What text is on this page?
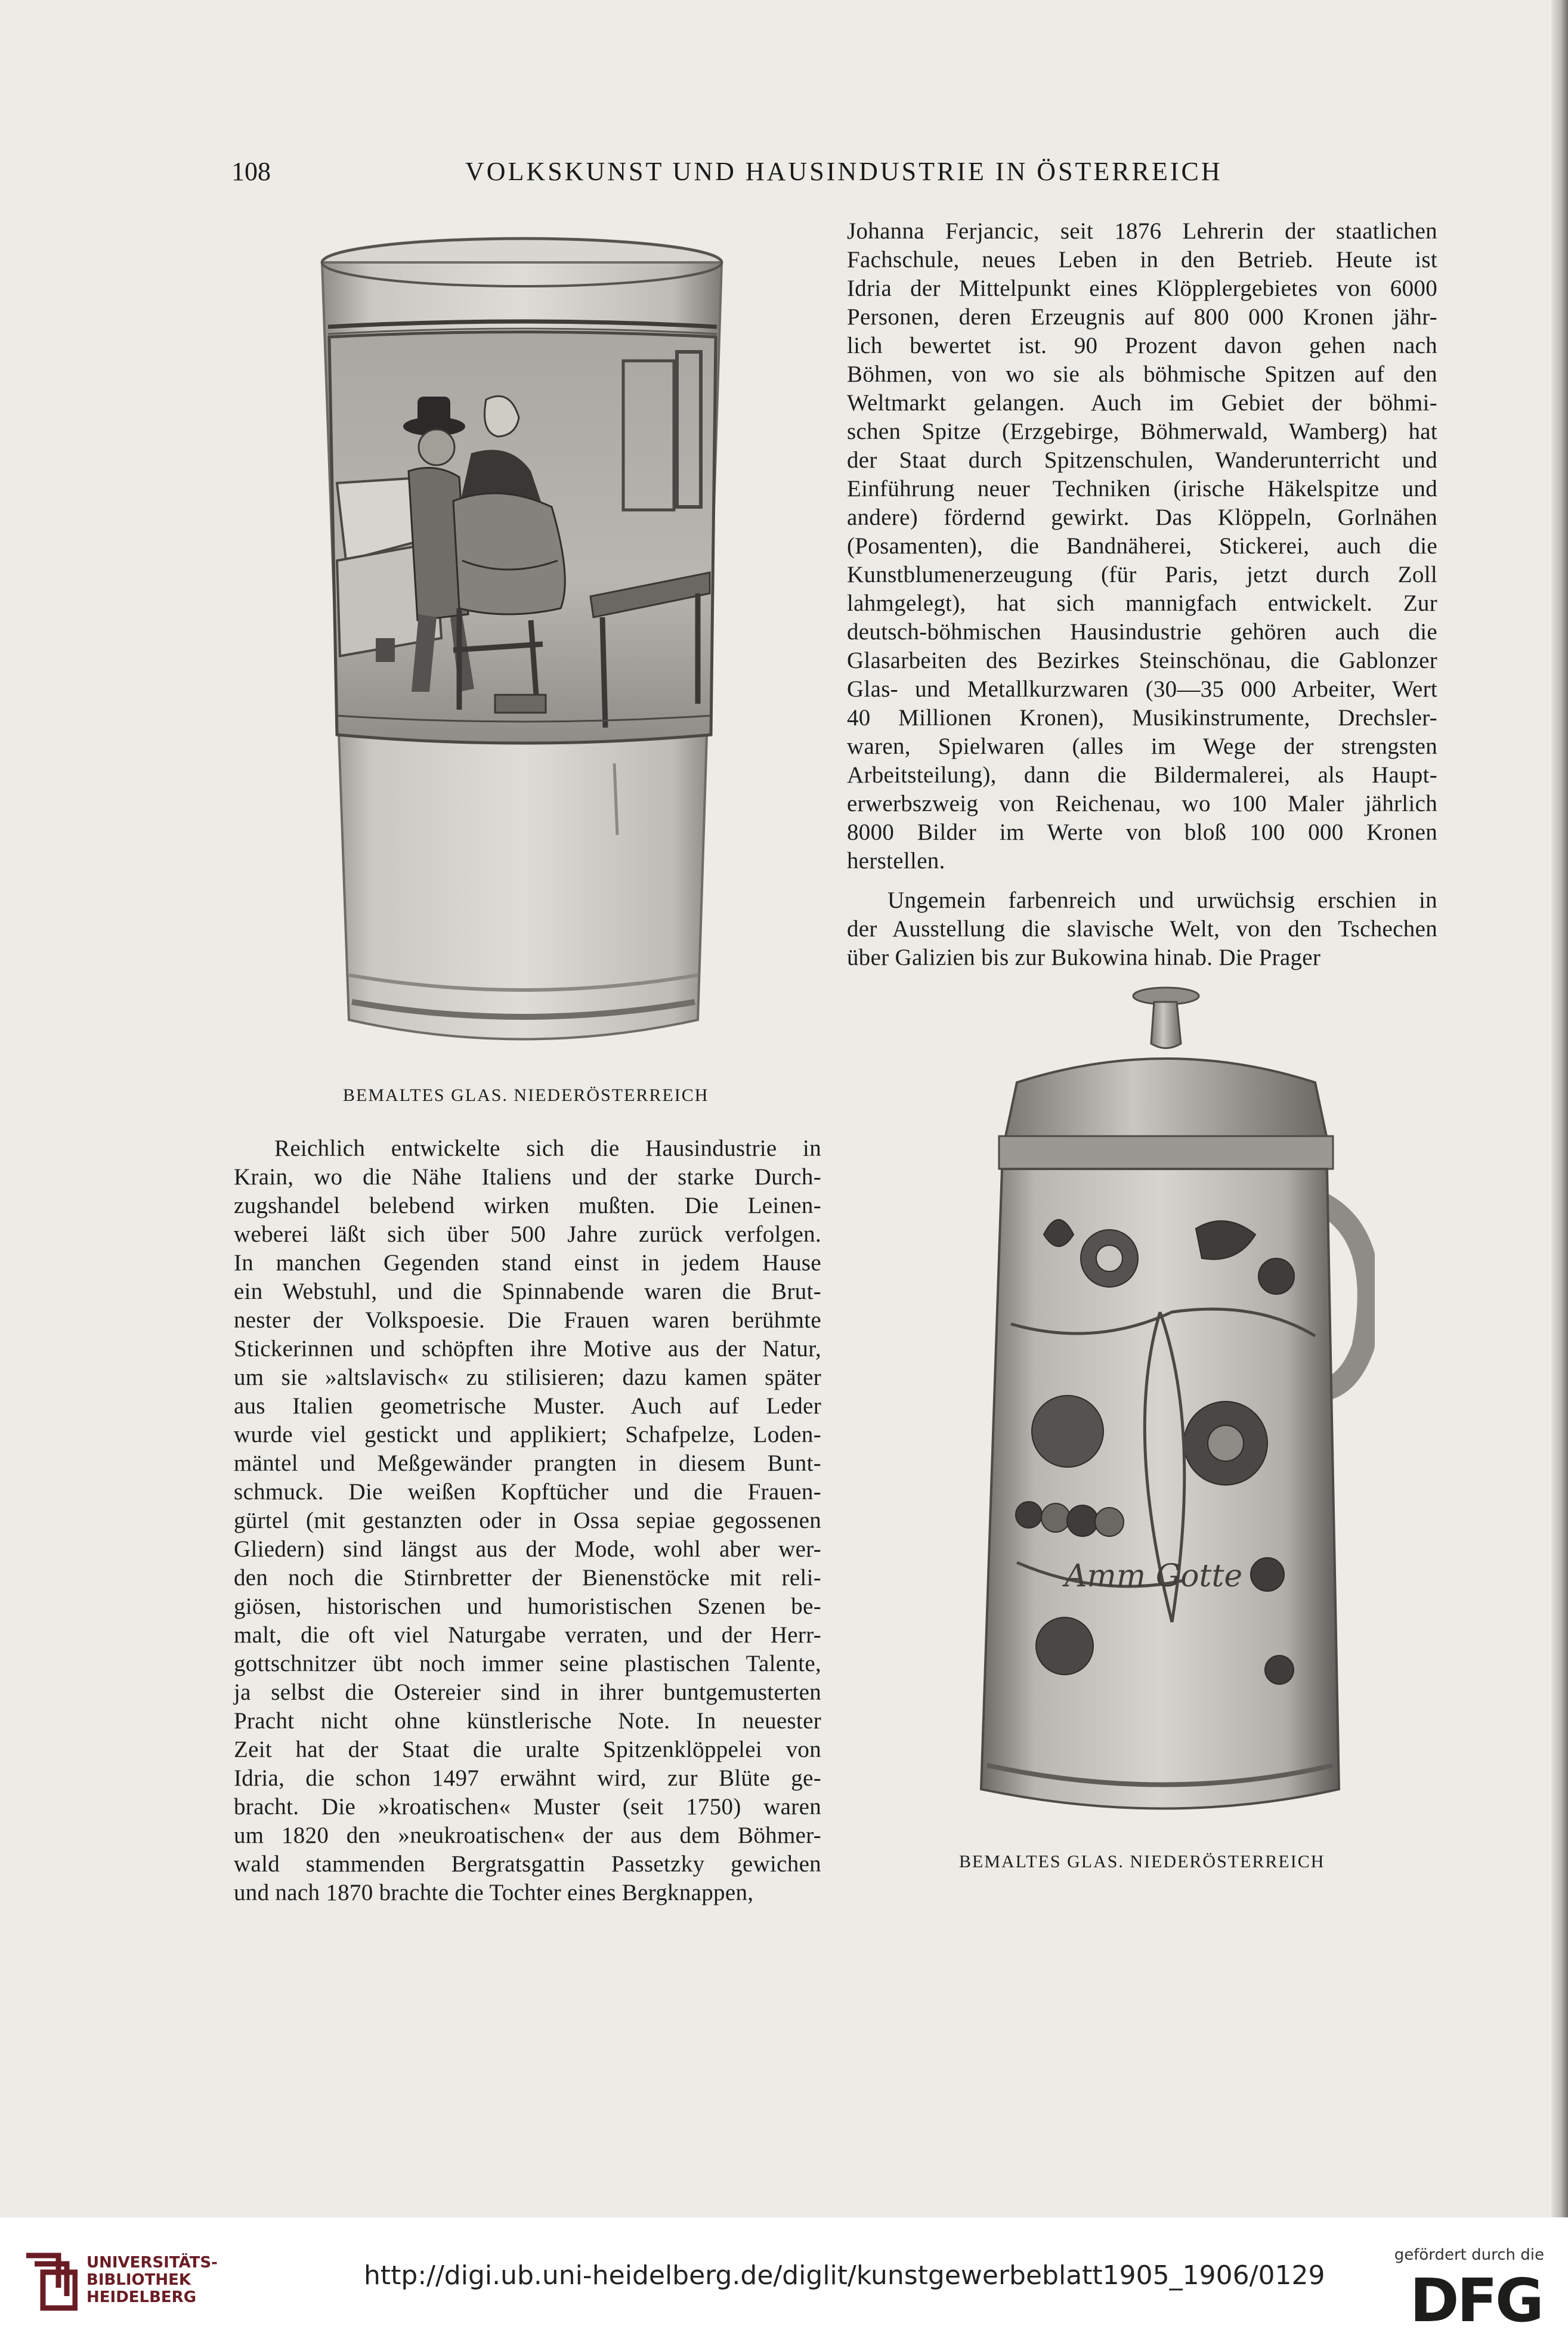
108	VOLKSKUNST UND HAUSINDUSTRIE IN ÖSTERREICH
BEMALTES GLAS. NIEDERÖSTERREICH
Johanna Ferjancic, seit 1876 Lehrerin der staatlichen
Fachschule, neues Leben in den Betrieb. Heute ist
Idria der Mittelpunkt eines Klöpplergebietes von 6000
Personen, deren Erzeugnis auf 800 000 Kronen jähr-
lich bewertet ist. 90 Prozent davon gehen nach
Böhmen, von wo sie als böhmische Spitzen auf den
Weltmarkt gelangen. Auch im Gebiet der böhmi-
schen Spitze (Erzgebirge, Böhmerwald, Wamberg) hat
der Staat durch Spitzenschulen, Wanderunterricht und
Einführung neuer Techniken (irische Häkelspitze und
andere) fördernd gewirkt. Das Klöppeln, Gorlnähen
(Posamenten), die Bandnäherei, Stickerei, auch die
Kunstblumenerzeugung (für Paris, jetzt durch Zoll
lahmgelegt), hat sich mannigfach entwickelt. Zur
deutsch-böhmischen Hausindustrie gehören auch die
Glasarbeiten des Bezirkes Steinschönau, die Gablonzer
Glas- und Metallkurzwaren (30—35 000 Arbeiter, Wert
40 Millionen Kronen), Musikinstrumente, Drechsler-
waren, Spielwaren (alles im Wege der strengsten
Arbeitsteilung), dann die Bildermalerei, als Haupt-
erwerbszweig von Reichenau, wo 100 Maler jährlich
8000 Bilder im Werte von bloß 100 000 Kronen
herstellen.
Ungemein farbenreich und urwüchsig erschien in
der Ausstellung die slavische Welt, von den Tschechen
über Galizien bis zur Bukowina hinab. Die Prager
Amm Gotte
BEMALTES GLAS. NIEDERÖSTERREICH
Reichlich entwickelte sich die Hausindustrie in
Krain, wo die Nähe Italiens und der starke Durch-
zugshandel belebend wirken mußten. Die Leinen-
weberei läßt sich über 500 Jahre zurück verfolgen.
In manchen Gegenden stand einst in jedem Hause
ein Webstuhl, und die Spinnabende waren die Brut-
nester der Volkspoesie. Die Frauen waren berühmte
Stickerinnen und schöpften ihre Motive aus der Natur,
um sie »altslavisch« zu stilisieren; dazu kamen später
aus Italien geometrische Muster. Auch auf Leder
wurde viel gestickt und applikiert; Schafpelze, Loden-
mäntel und Meßgewänder prangten in diesem Bunt-
schmuck. Die weißen Kopftücher und die Frauen-
gürtel (mit gestanzten oder in Ossa sepiae gegossenen
Gliedern) sind längst aus der Mode, wohl aber wer-
den noch die Stirnbretter der Bienenstöcke mit reli-
giösen, historischen und humoristischen Szenen be-
malt, die oft viel Naturgabe verraten, und der Herr-
gottschnitzer übt noch immer seine plastischen Talente,
ja selbst die Ostereier sind in ihrer buntgemusterten
Pracht nicht ohne künstlerische Note. In neuester
Zeit hat der Staat die uralte Spitzenklöppelei von
Idria, die schon 1497 erwähnt wird, zur Blüte ge-
bracht. Die »kroatischen« Muster (seit 1750) waren
um 1820 den »neukroatischen« der aus dem Böhmer-
wald stammenden Bergratsgattin Passetzky gewichen
und nach 1870 brachte die Tochter eines Bergknappen,
UNIVERSITÄTS-
BIBLIOTHEK
HEIDELBERG
http://digi.ub.uni-heidelberg.de/diglit/kunstgewerbeblatt1905_1906/0129
gefördert durch die
DFG
